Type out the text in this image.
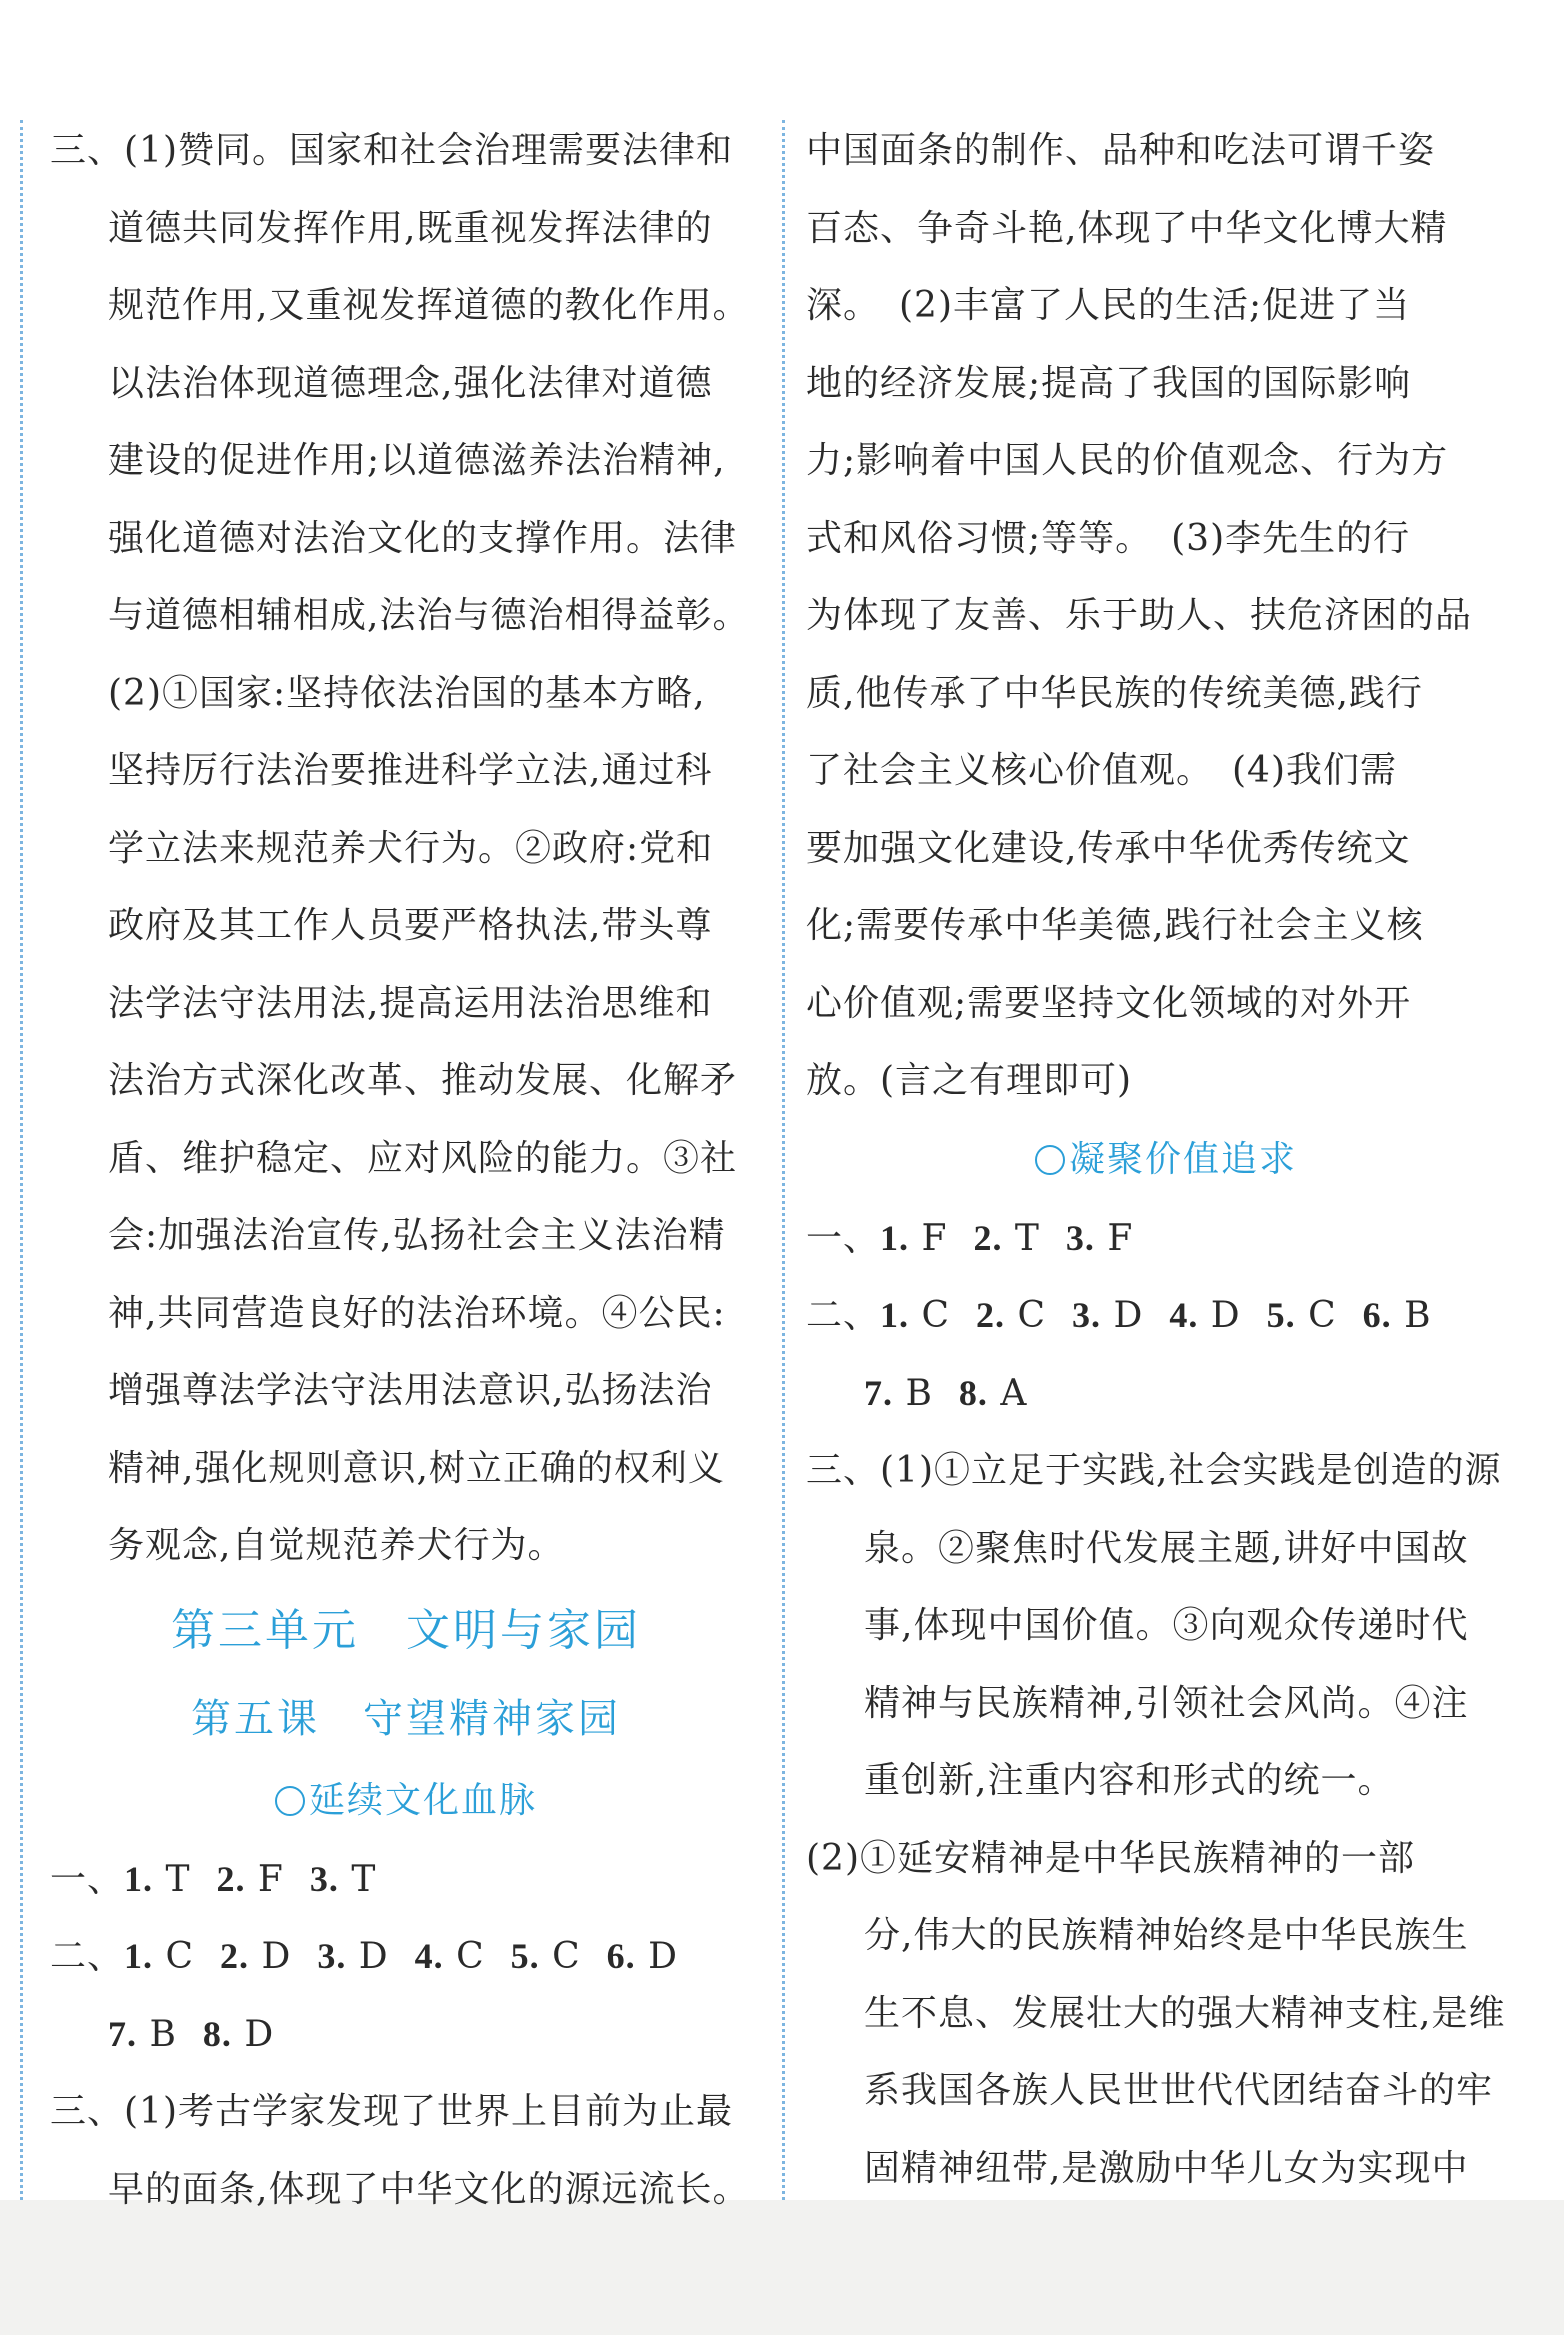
三、(1)赞同。国家和社会治理需要法律和
道德共同发挥作用,既重视发挥法律的
规范作用,又重视发挥道德的教化作用。
以法治体现道德理念,强化法律对道德
建设的促进作用;以道德滋养法治精神,
强化道德对法治文化的支撑作用。法律
与道德相辅相成,法治与德治相得益彰。
(2)①国家:坚持依法治国的基本方略,
坚持厉行法治要推进科学立法,通过科
学立法来规范养犬行为。②政府:党和
政府及其工作人员要严格执法,带头尊
法学法守法用法,提高运用法治思维和
法治方式深化改革、推动发展、化解矛
盾、维护稳定、应对风险的能力。③社
会:加强法治宣传,弘扬社会主义法治精
神,共同营造良好的法治环境。④公民:
增强尊法学法守法用法意识,弘扬法治
精神,强化规则意识,树立正确的权利义
务观念,自觉规范养犬行为。
第三单元　文明与家园
第五课　守望精神家园
延续文化血脉
一、1. T 2. F 3. T
二、1. C 2. D 3. D 4. C 5. C 6. D
7. B 8. D
三、(1)考古学家发现了世界上目前为止最
早的面条,体现了中华文化的源远流长。
中国面条的制作、品种和吃法可谓千姿
百态、争奇斗艳,体现了中华文化博大精
深。　(2)丰富了人民的生活;促进了当
地的经济发展;提高了我国的国际影响
力;影响着中国人民的价值观念、行为方
式和风俗习惯;等等。　(3)李先生的行
为体现了友善、乐于助人、扶危济困的品
质,他传承了中华民族的传统美德,践行
了社会主义核心价值观。　(4)我们需
要加强文化建设,传承中华优秀传统文
化;需要传承中华美德,践行社会主义核
心价值观;需要坚持文化领域的对外开
放。(言之有理即可)
凝聚价值追求
一、1. F 2. T 3. F
二、1. C 2. C 3. D 4. D 5. C 6. B
7. B 8. A
三、(1)①立足于实践,社会实践是创造的源
泉。②聚焦时代发展主题,讲好中国故
事,体现中国价值。③向观众传递时代
精神与民族精神,引领社会风尚。④注
重创新,注重内容和形式的统一。
(2)①延安精神是中华民族精神的一部
分,伟大的民族精神始终是中华民族生
生不息、发展壮大的强大精神支柱,是维
系我国各族人民世世代代团结奋斗的牢
固精神纽带,是激励中华儿女为实现中
